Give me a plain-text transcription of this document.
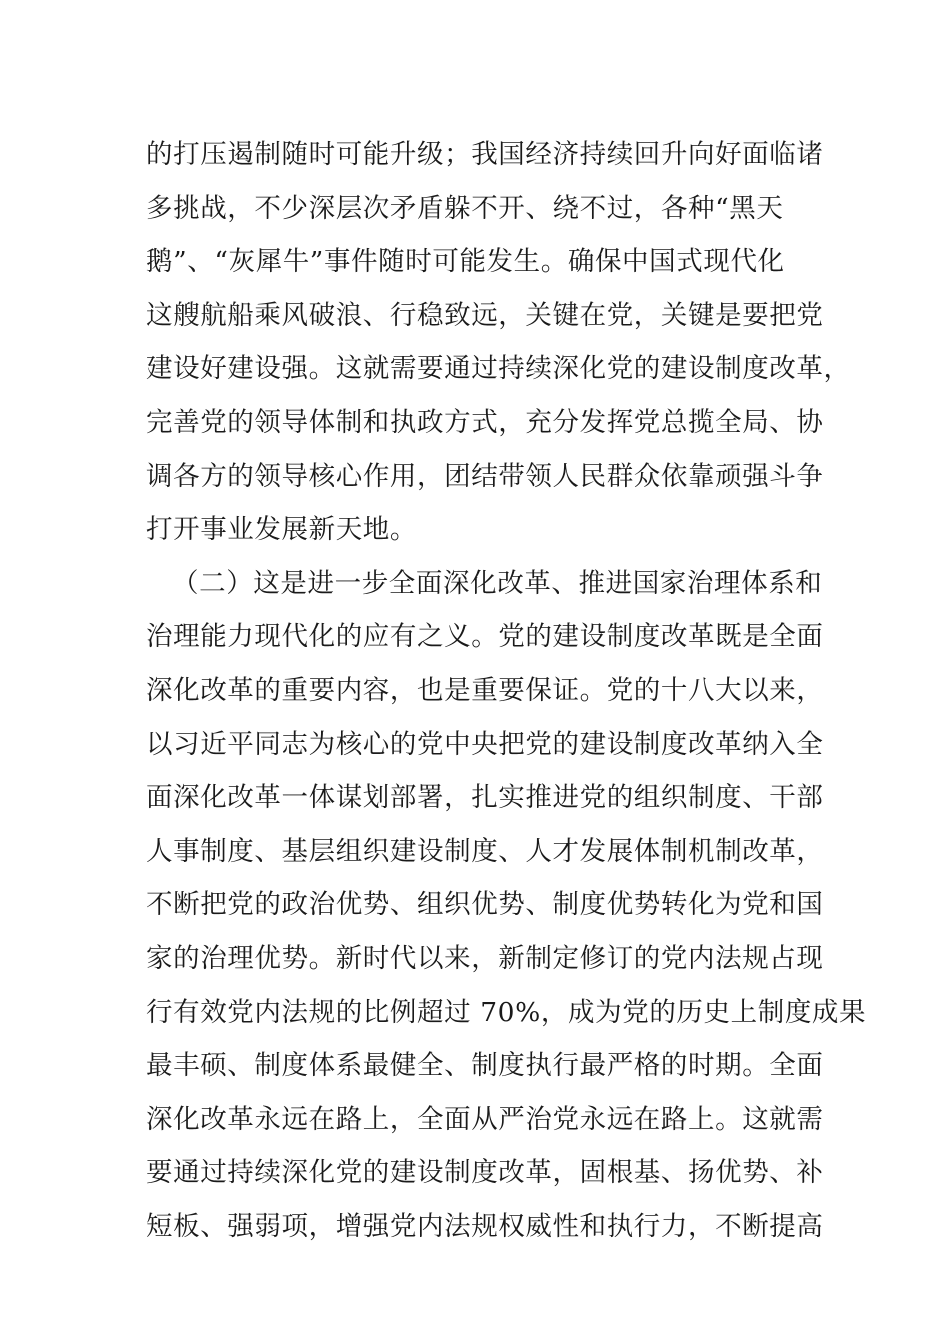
的打压遏制随时可能升级；我国经济持续回升向好面临诸
多挑战，不少深层次矛盾躲不开、绕不过，各种“黑天
鹅”、“灰犀牛”事件随时可能发生。确保中国式现代化
这艘航船乘风破浪、行稳致远，关键在党，关键是要把党
建设好建设强。这就需要通过持续深化党的建设制度改革，
完善党的领导体制和执政方式，充分发挥党总揽全局、协
调各方的领导核心作用，团结带领人民群众依靠顽强斗争
打开事业发展新天地。
（二）这是进一步全面深化改革、推进国家治理体系和
治理能力现代化的应有之义。党的建设制度改革既是全面
深化改革的重要内容，也是重要保证。党的十八大以来，
以习近平同志为核心的党中央把党的建设制度改革纳入全
面深化改革一体谋划部署，扎实推进党的组织制度、干部
人事制度、基层组织建设制度、人才发展体制机制改革，
不断把党的政治优势、组织优势、制度优势转化为党和国
家的治理优势。新时代以来，新制定修订的党内法规占现
行有效党内法规的比例超过 70%，成为党的历史上制度成果
最丰硕、制度体系最健全、制度执行最严格的时期。全面
深化改革永远在路上，全面从严治党永远在路上。这就需
要通过持续深化党的建设制度改革，固根基、扬优势、补
短板、强弱项，增强党内法规权威性和执行力，不断提高
